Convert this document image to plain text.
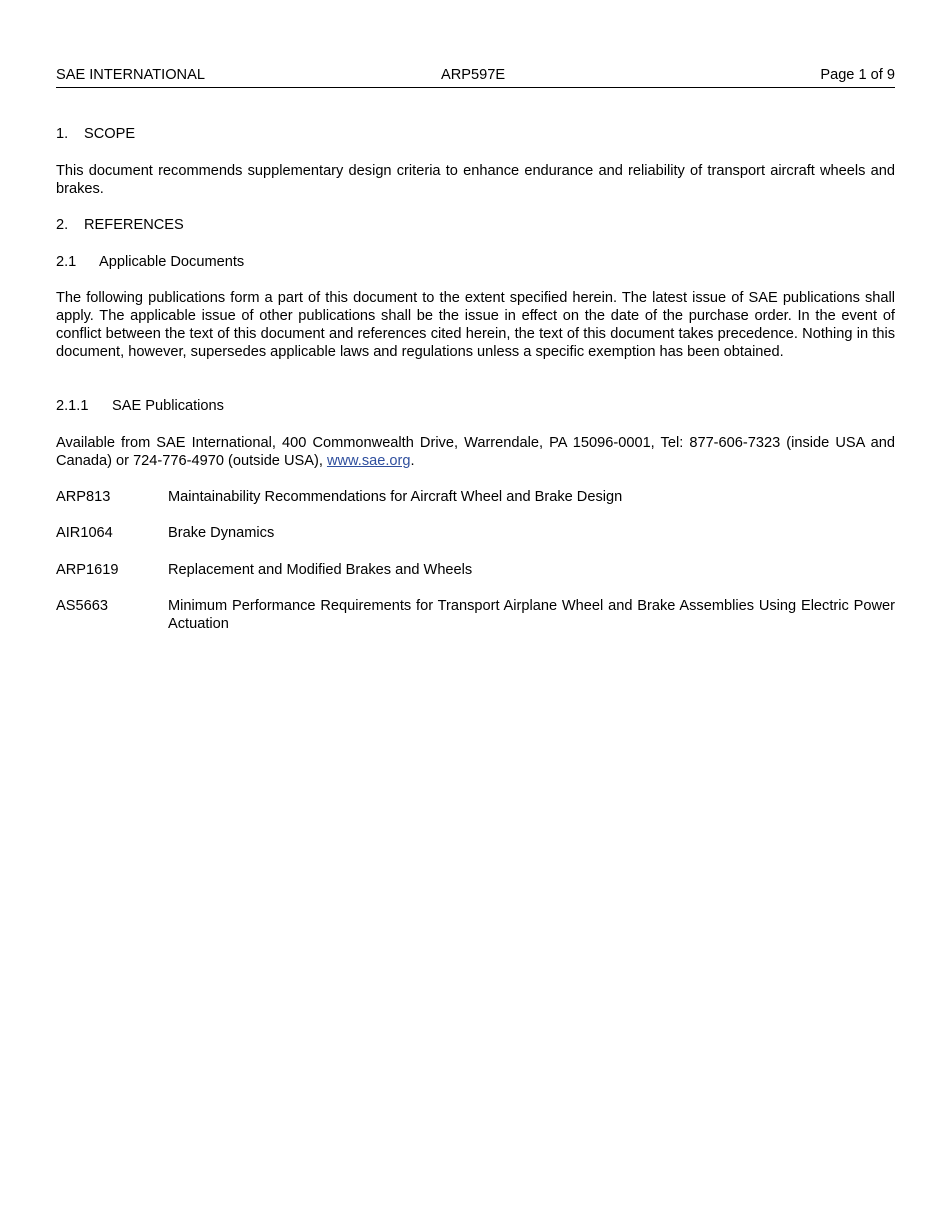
SAE INTERNATIONAL	ARP597E	Page 1 of 9
1. SCOPE

This document recommends supplementary design criteria to enhance endurance and reliability of transport aircraft wheels and brakes.

2. REFERENCES
2.1 Applicable Documents

The following publications form a part of this document to the extent specified herein. The latest issue of SAE publications shall apply. The applicable issue of other publications shall be the issue in effect on the date of the purchase order. In the event of conflict between the text of this document and references cited herein, the text of this document takes precedence. Nothing in this document, however, supersedes applicable laws and regulations unless a specific exemption has been obtained.

2.1.1 SAE Publications

Available from SAE International, 400 Commonwealth Drive, Warrendale, PA 15096-0001, Tel: 877-606-7323 (inside USA and Canada) or 724-776-4970 (outside USA), www.sae.org.

ARP813	Maintainability Recommendations for Aircraft Wheel and Brake Design
AIR1064	Brake Dynamics
ARP1619	Replacement and Modified Brakes and Wheels
AS5663	Minimum Performance Requirements for Transport Airplane Wheel and Brake Assemblies Using Electric Power Actuation
